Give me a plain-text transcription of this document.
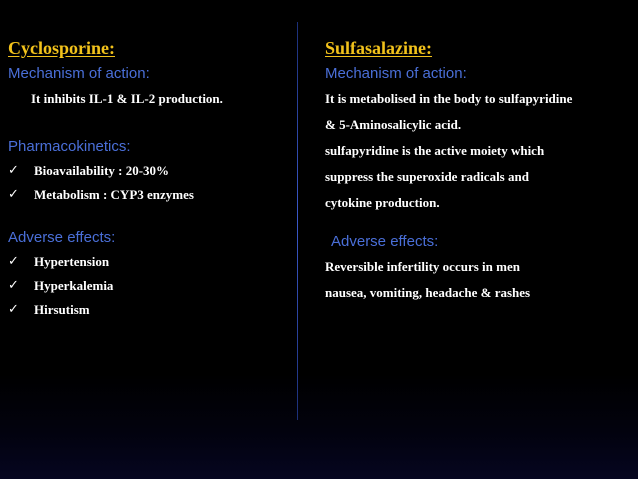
Cyclosporine:
Mechanism of action:
It inhibits IL-1 & IL-2 production.
Pharmacokinetics:
✓	Bioavailability : 20-30%
✓	Metabolism : CYP3 enzymes
Adverse effects:
✓	Hypertension
✓	Hyperkalemia
✓	Hirsutism
Sulfasalazine:
Mechanism of action:
It is metabolised in the body to sulfapyridine
& 5-Aminosalicylic acid.
sulfapyridine is the active moiety which
suppress the superoxide radicals and
cytokine production.
Adverse effects:
Reversible infertility occurs in men
nausea, vomiting, headache & rashes
